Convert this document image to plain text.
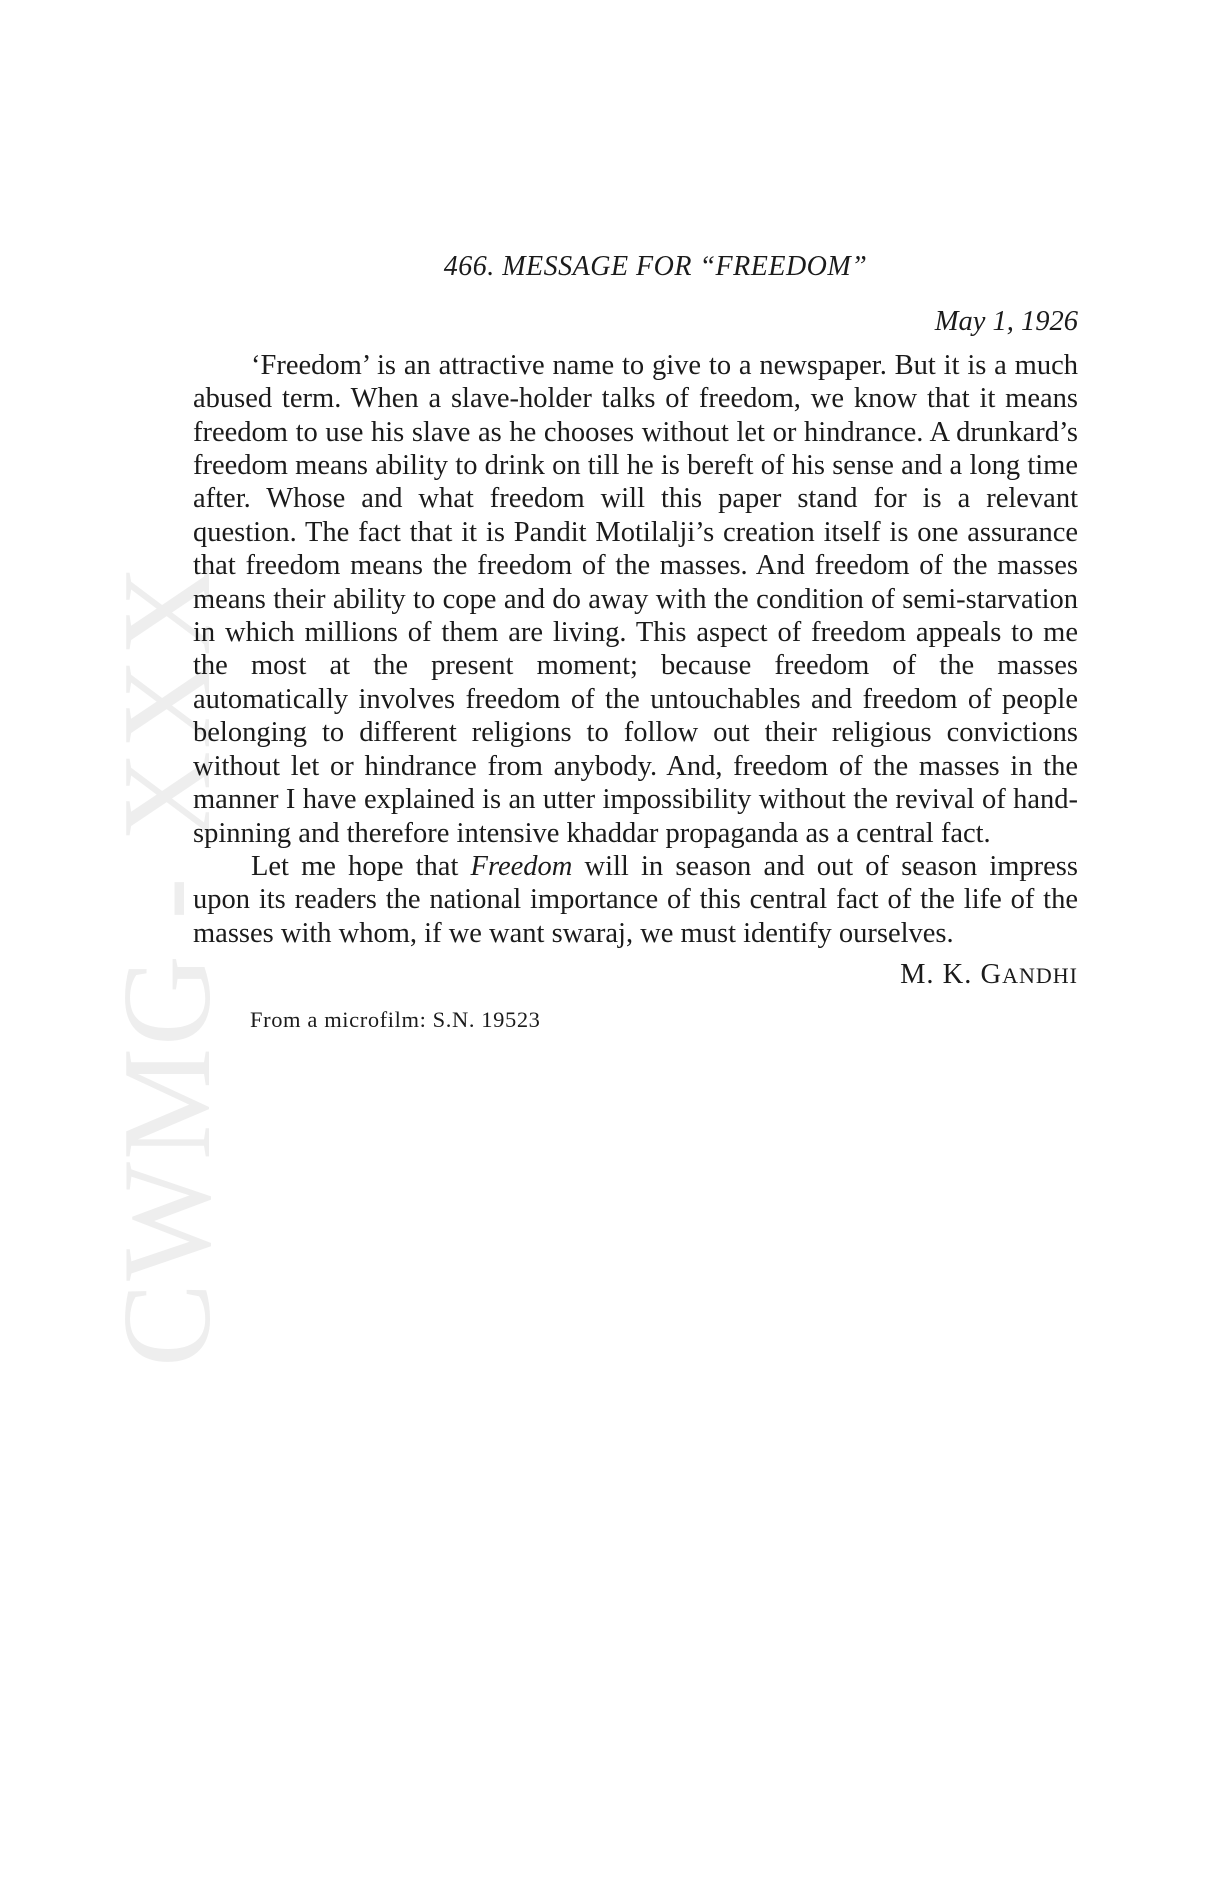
CWMG - XXX
466. MESSAGE FOR “FREEDOM”
May 1, 1926

‘Freedom’ is an attractive name to give to a newspaper. But it is a much abused term. When a slave-holder talks of freedom, we know that it means freedom to use his slave as he chooses without let or hindrance. A drunkard’s freedom means ability to drink on till he is bereft of his sense and a long time after. Whose and what freedom will this paper stand for is a relevant question. The fact that it is Pandit Motilalji’s creation itself is one assurance that freedom means the freedom of the masses. And freedom of the masses means their ability to cope and do away with the condition of semi-starvation in which millions of them are living. This aspect of freedom appeals to me the most at the present moment; because freedom of the masses automatically involves freedom of the untouchables and freedom of people belonging to different religions to follow out their religious convictions without let or hindrance from anybody. And, freedom of the masses in the manner I have explained is an utter impossibility without the revival of hand-spinning and therefore intensive khaddar propaganda as a central fact.

Let me hope that Freedom will in season and out of season impress upon its readers the national importance of this central fact of the life of the masses with whom, if we want swaraj, we must identify ourselves.

M. K. GANDHI
From a microfilm: S.N. 19523
